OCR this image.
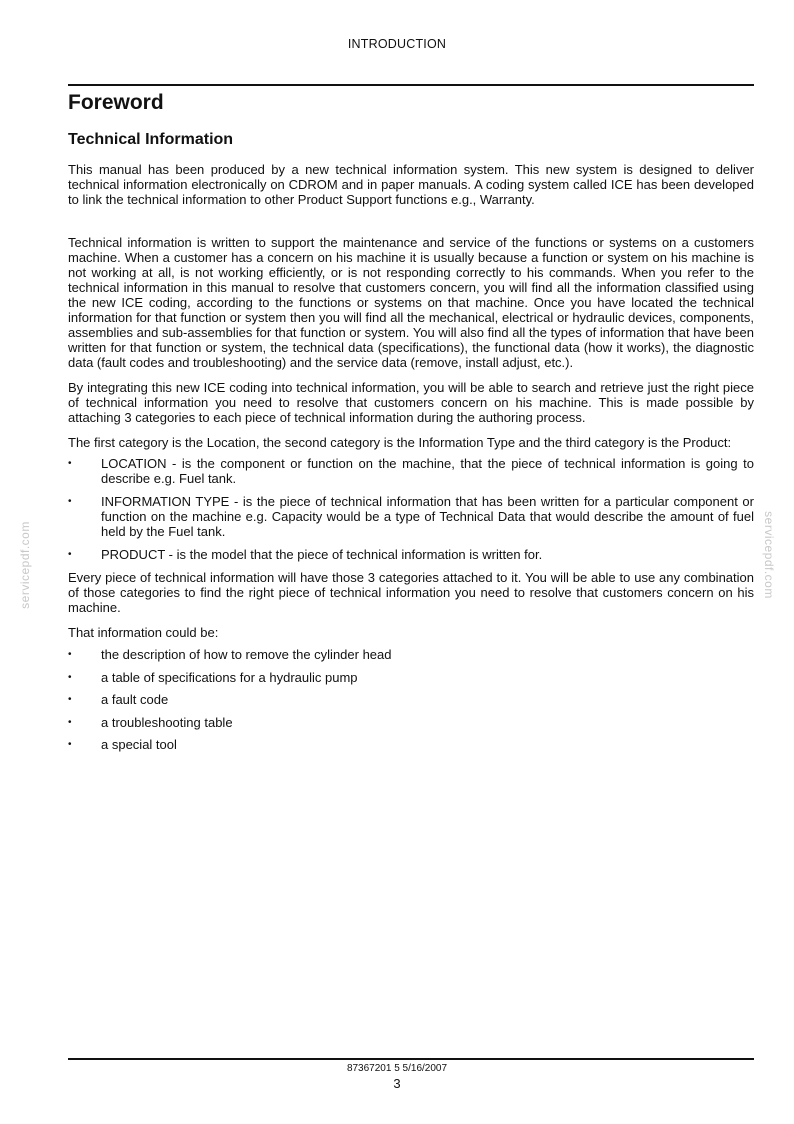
INTRODUCTION
Foreword
Technical Information

This manual has been produced by a new technical information system. This new system is designed to deliver technical information electronically on CDROM and in paper manuals. A coding system called ICE has been developed to link the technical information to other Product Support functions e.g., Warranty.

Technical information is written to support the maintenance and service of the functions or systems on a customers machine. When a customer has a concern on his machine it is usually because a function or system on his machine is not working at all, is not working efficiently, or is not responding correctly to his commands. When you refer to the technical information in this manual to resolve that customers concern, you will find all the information classified using the new ICE coding, according to the functions or systems on that machine. Once you have located the technical information for that function or system then you will find all the mechanical, electrical or hydraulic devices, components, assemblies and sub-assemblies for that function or system. You will also find all the types of information that have been written for that function or system, the technical data (specifications), the functional data (how it works), the diagnostic data (fault codes and troubleshooting) and the service data (remove, install adjust, etc.).

By integrating this new ICE coding into technical information, you will be able to search and retrieve just the right piece of technical information you need to resolve that customers concern on his machine. This is made possible by attaching 3 categories to each piece of technical information during the authoring process.

The first category is the Location, the second category is the Information Type and the third category is the Product:

•	LOCATION - is the component or function on the machine, that the piece of technical information is going to describe e.g. Fuel tank.
•	INFORMATION TYPE - is the piece of technical information that has been written for a particular component or function on the machine e.g. Capacity would be a type of Technical Data that would describe the amount of fuel held by the Fuel tank.
•	PRODUCT - is the model that the piece of technical information is written for.

Every piece of technical information will have those 3 categories attached to it. You will be able to use any combination of those categories to find the right piece of technical information you need to resolve that customers concern on his machine.

That information could be:

•	the description of how to remove the cylinder head
•	a table of specifications for a hydraulic pump
•	a fault code
•	a troubleshooting table
•	a special tool
servicepdf.com	servicepdf.com
87367201 5 5/16/2007
3
